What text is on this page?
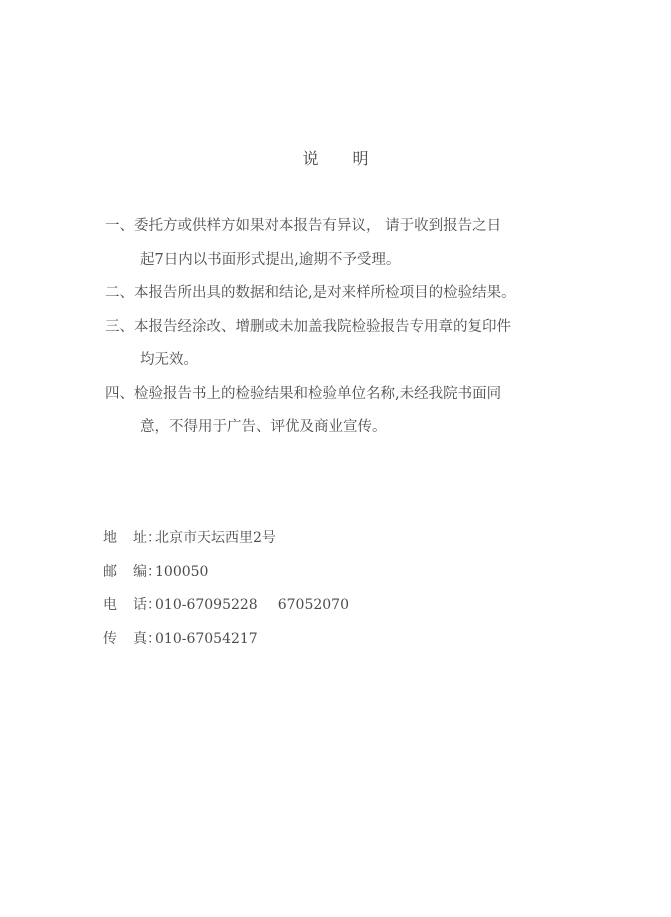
说 明
一、委托方或供样方如果对本报告有异议， 请于收到报告之日
起7日内以书面形式提出,逾期不予受理。
二、本报告所出具的数据和结论,是对来样所检项目的检验结果。
三、本报告经涂改、增删或未加盖我院检验报告专用章的复印件
均无效。
四、检验报告书上的检验结果和检验单位名称,未经我院书面同
意，不得用于广告、评优及商业宣传。
地 址：北京市天坛西里2号
邮 编：100050
电 话：010-67095228 67052070
传 真：010-67054217
